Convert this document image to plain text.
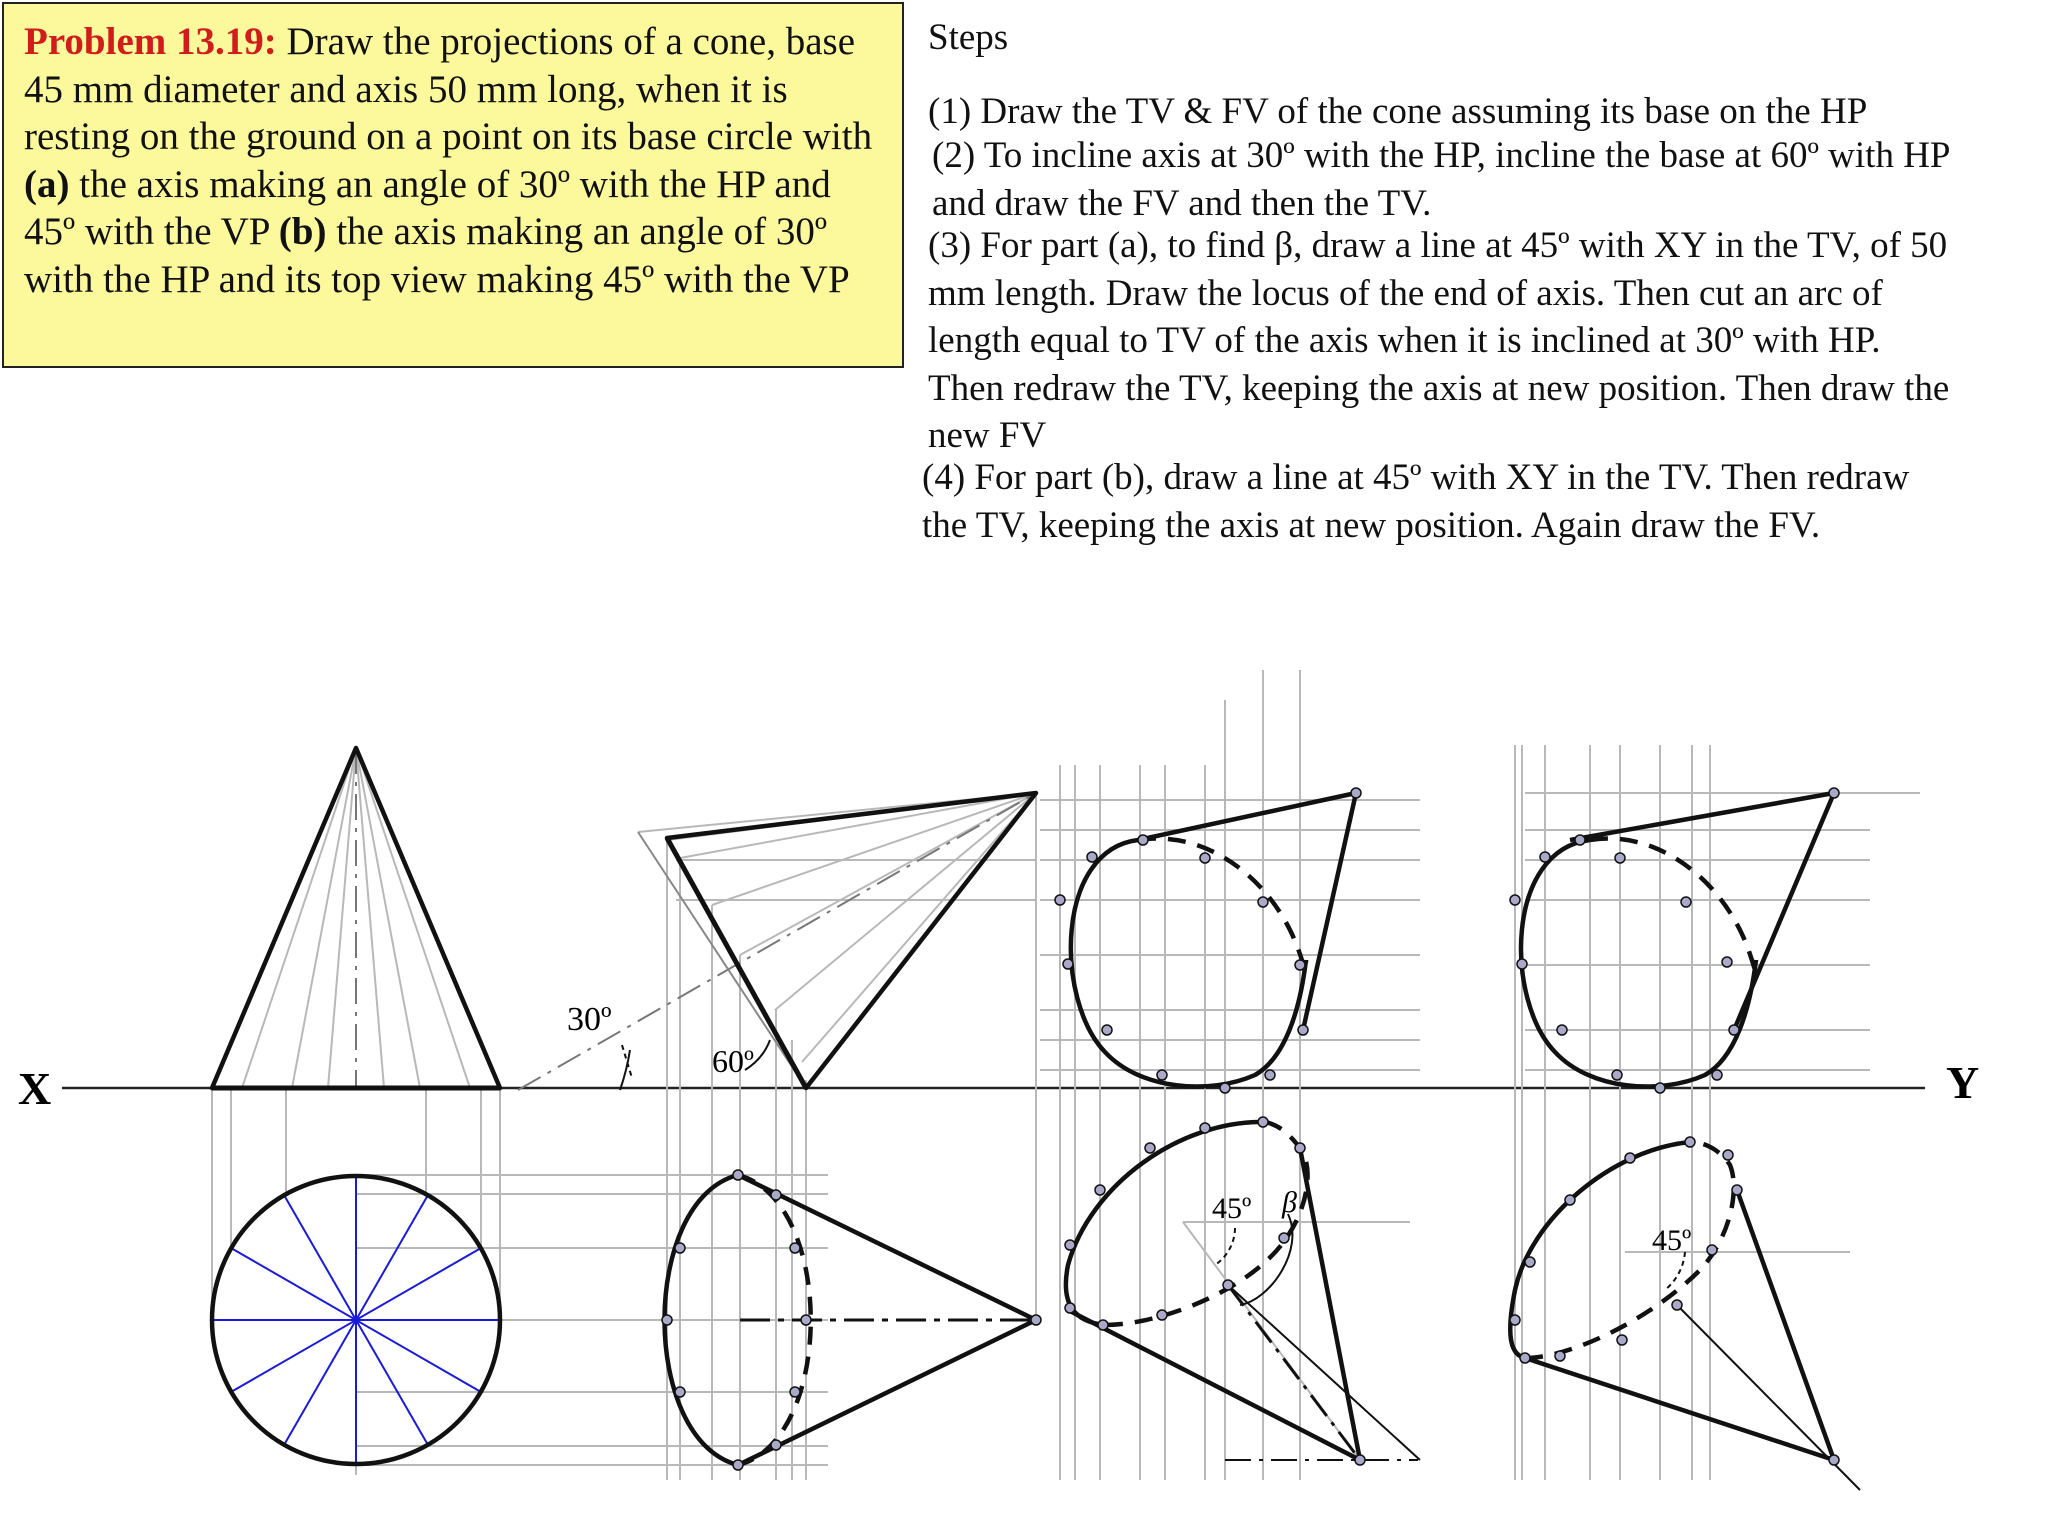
Problem 13.19: Draw the projections of a cone, base 45 mm diameter and axis 50 mm long, when it is resting on the ground on a point on its base circle with (a) the axis making an angle of 30º with the HP and 45º with the VP (b) the axis making an angle of 30º with the HP and its top view making 45º with the VP
Steps
(1) Draw the TV & FV of the cone assuming its base on the HP
(2) To incline axis at 30º with the HP, incline the base at 60º with HP
and draw the FV and then the TV.
(3) For part (a), to find β, draw a line at 45º with XY in the TV, of 50
mm length. Draw the locus of the end of axis. Then cut an arc of
length equal to TV of the axis when it is inclined at 30º with HP.
Then redraw the TV, keeping the axis at new position. Then draw the
new FV
(4) For part (b), draw a line at 45º with XY in the TV. Then redraw
the TV, keeping the axis at new position. Again draw the FV.
X	Y
30º
60º
45º β
45º
